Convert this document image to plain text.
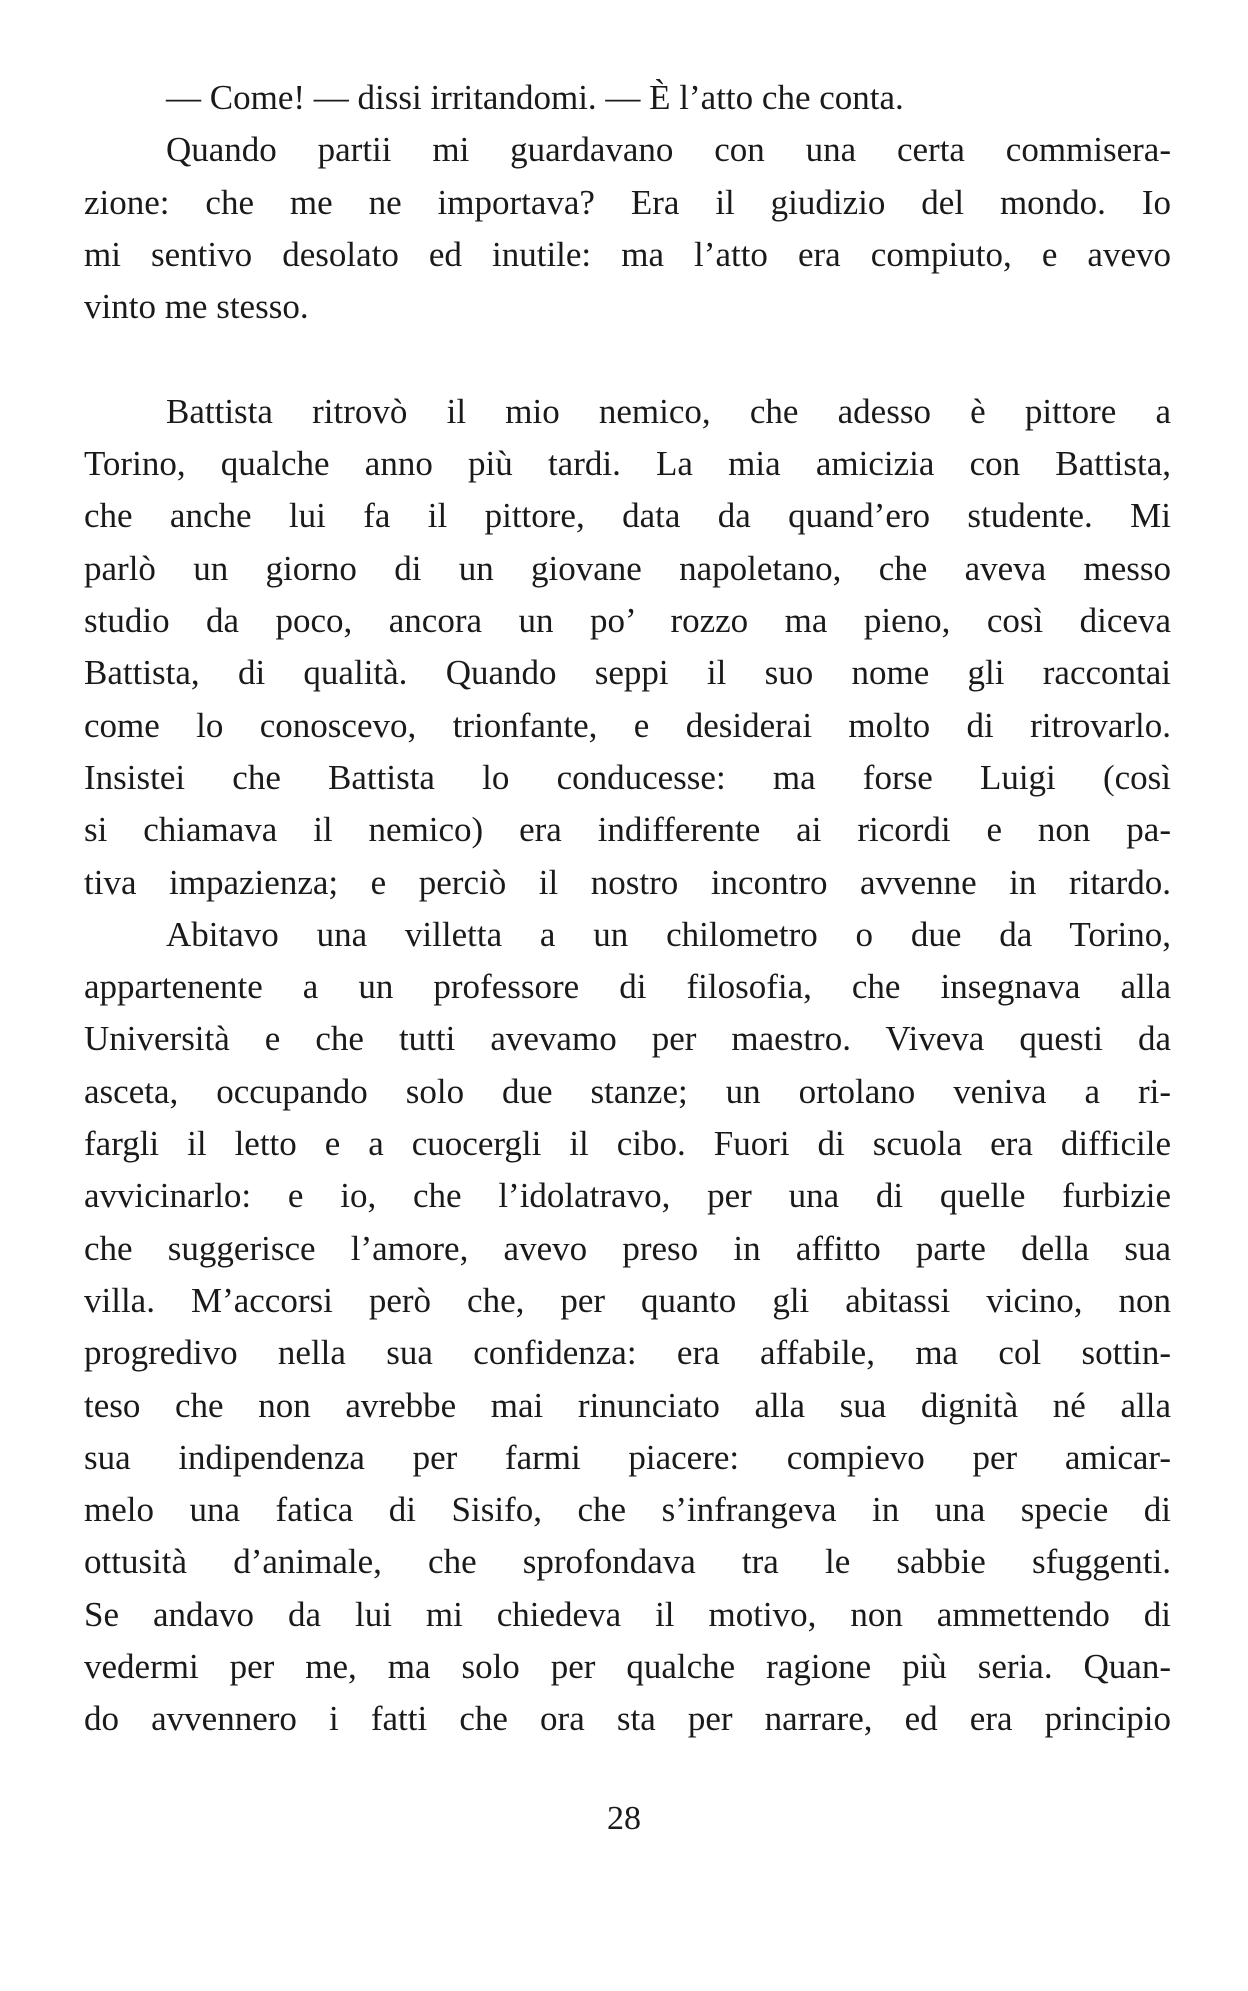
— Come! — dissi irritandomi. — È l’atto che conta.
Quando partii mi guardavano con una certa commisera-
zione: che me ne importava? Era il giudizio del mondo. Io
mi sentivo desolato ed inutile: ma l’atto era compiuto, e avevo
vinto me stesso.
Battista ritrovò il mio nemico, che adesso è pittore a
Torino, qualche anno più tardi. La mia amicizia con Battista,
che anche lui fa il pittore, data da quand’ero studente. Mi
parlò un giorno di un giovane napoletano, che aveva messo
studio da poco, ancora un po’ rozzo ma pieno, così diceva
Battista, di qualità. Quando seppi il suo nome gli raccontai
come lo conoscevo, trionfante, e desiderai molto di ritrovarlo.
Insistei che Battista lo conducesse: ma forse Luigi (così
si chiamava il nemico) era indifferente ai ricordi e non pa-
tiva impazienza; e perciò il nostro incontro avvenne in ritardo.
Abitavo una villetta a un chilometro o due da Torino,
appartenente a un professore di filosofia, che insegnava alla
Università e che tutti avevamo per maestro. Viveva questi da
asceta, occupando solo due stanze; un ortolano veniva a ri-
fargli il letto e a cuocergli il cibo. Fuori di scuola era difficile
avvicinarlo: e io, che l’idolatravo, per una di quelle furbizie
che suggerisce l’amore, avevo preso in affitto parte della sua
villa. M’accorsi però che, per quanto gli abitassi vicino, non
progredivo nella sua confidenza: era affabile, ma col sottin-
teso che non avrebbe mai rinunciato alla sua dignità né alla
sua indipendenza per farmi piacere: compievo per amicar-
melo una fatica di Sisifo, che s’infrangeva in una specie di
ottusità d’animale, che sprofondava tra le sabbie sfuggenti.
Se andavo da lui mi chiedeva il motivo, non ammettendo di
vedermi per me, ma solo per qualche ragione più seria. Quan-
do avvennero i fatti che ora sta per narrare, ed era principio
28
